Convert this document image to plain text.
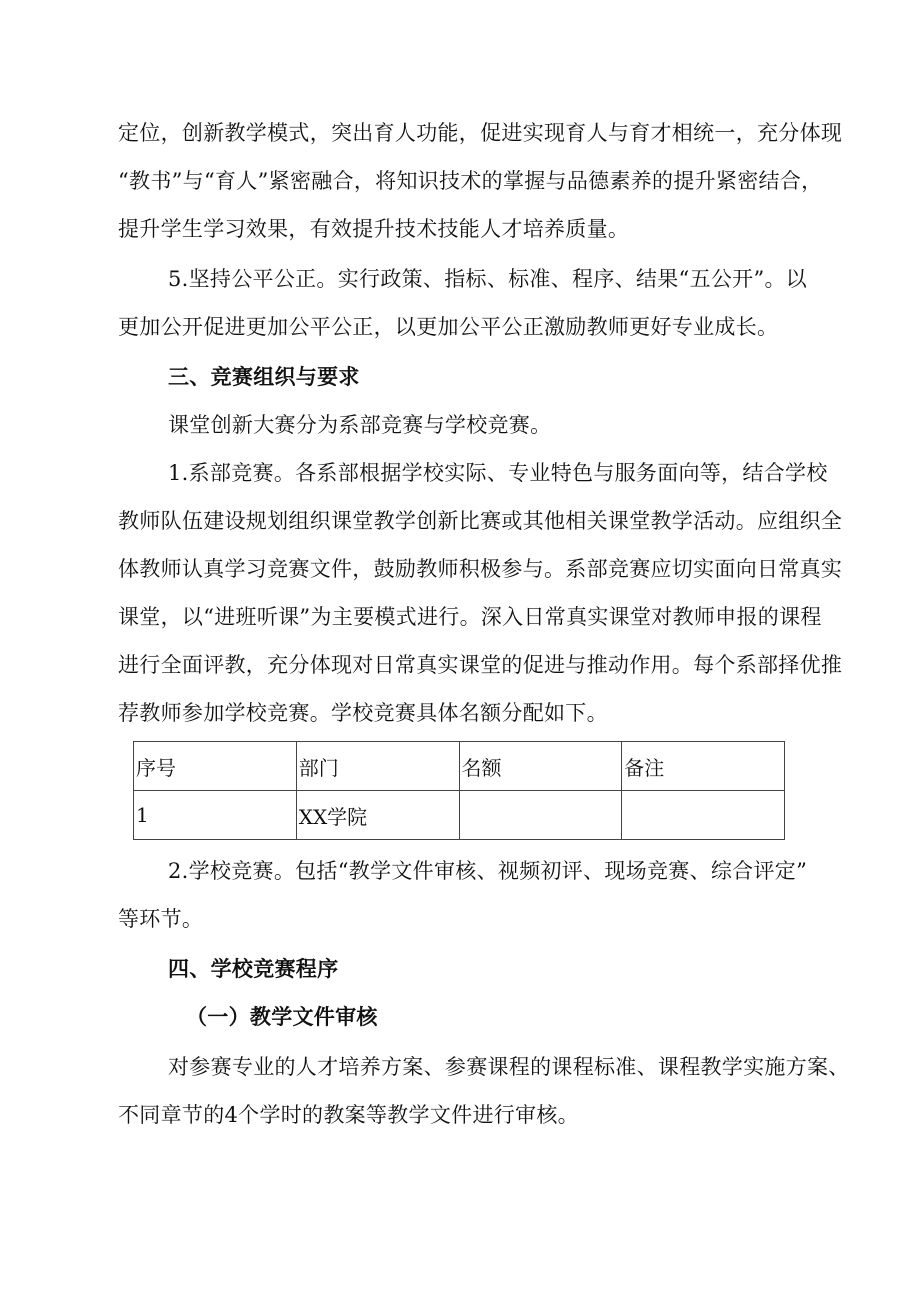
定位，创新教学模式，突出育人功能，促进实现育人与育才相统一，充分体现
“教书”与“育人”紧密融合，将知识技术的掌握与品德素养的提升紧密结合，
提升学生学习效果，有效提升技术技能人才培养质量。
5.坚持公平公正。实行政策、指标、标准、程序、结果“五公开”。以
更加公开促进更加公平公正，以更加公平公正激励教师更好专业成长。
三、竞赛组织与要求
课堂创新大赛分为系部竞赛与学校竞赛。
1.系部竞赛。各系部根据学校实际、专业特色与服务面向等，结合学校
教师队伍建设规划组织课堂教学创新比赛或其他相关课堂教学活动。应组织全
体教师认真学习竞赛文件，鼓励教师积极参与。系部竞赛应切实面向日常真实
课堂，以“进班听课”为主要模式进行。深入日常真实课堂对教师申报的课程
进行全面评教，充分体现对日常真实课堂的促进与推动作用。每个系部择优推
荐教师参加学校竞赛。学校竞赛具体名额分配如下。
序号	部门	名额	备注
1	XX学院		
2.学校竞赛。包括“教学文件审核、视频初评、现场竞赛、综合评定”
等环节。
四、学校竞赛程序
（一）教学文件审核
对参赛专业的人才培养方案、参赛课程的课程标准、课程教学实施方案、
不同章节的4个学时的教案等教学文件进行审核。
